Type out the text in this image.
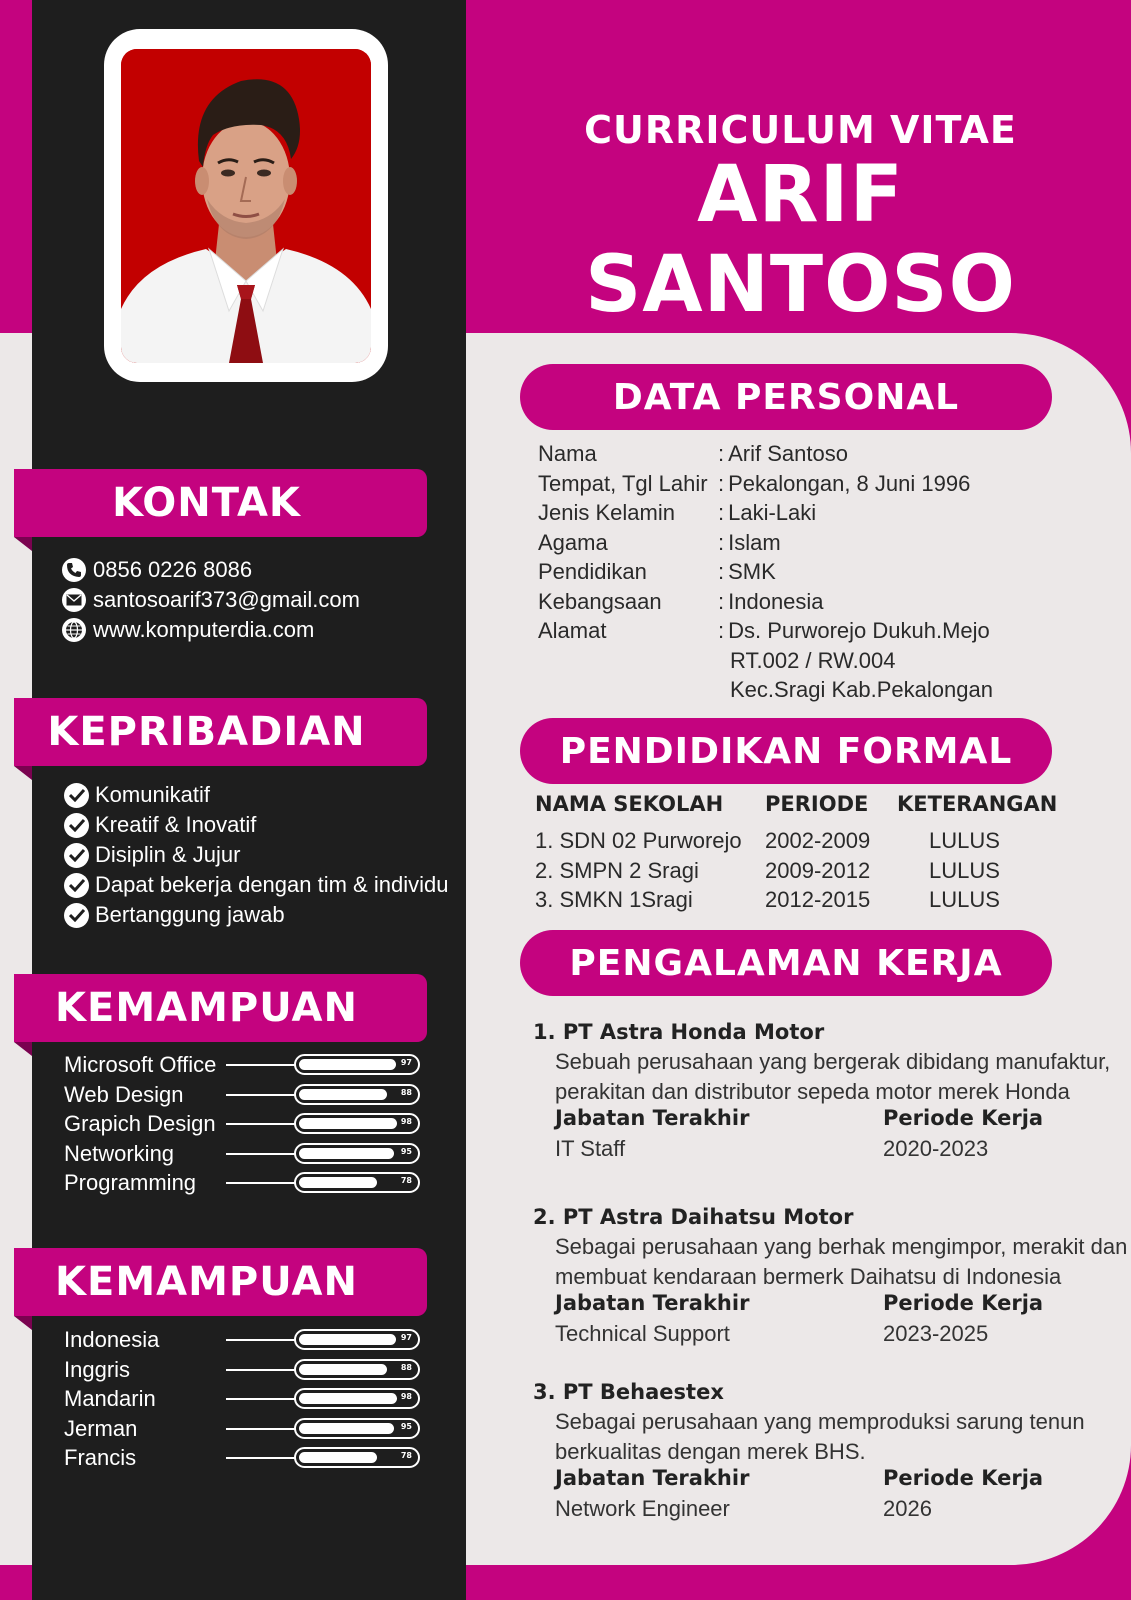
CURRICULUM VITAE
ARIF SANTOSO
KONTAK
0856 0226 8086
santosoarif373@gmail.com
www.komputerdia.com
KEPRIBADIAN
Komunikatif
Kreatif & Inovatif
Disiplin & Jujur
Dapat bekerja dengan tim & individu
Bertanggung jawab
KEMAMPUAN
Microsoft Office	97
Web Design	88
Grapich Design	98
Networking	95
Programming	78
KEMAMPUAN
Indonesia	97
Inggris	88
Mandarin	98
Jerman	95
Francis	78
DATA PERSONAL
Nama	: Arif Santoso
Tempat, Tgl Lahir : Pekalongan, 8 Juni 1996
Jenis Kelamin	: Laki-Laki
Agama	: Islam
Pendidikan	: SMK
Kebangsaan	: Indonesia
Alamat	: Ds. Purworejo Dukuh.Mejo
RT.002 / RW.004
Kec.Sragi Kab.Pekalongan
PENDIDIKAN FORMAL
NAMA SEKOLAH PERIODE KETERANGAN
1. SDN 02 Purworejo 2002-2009	LULUS
2. SMPN 2 Sragi	2009-2012	LULUS
3. SMKN 1Sragi	2012-2015	LULUS
PENGALAMAN KERJA
1. PT Astra Honda Motor
Sebuah perusahaan yang bergerak dibidang manufaktur,
perakitan dan distributor sepeda motor merek Honda
Jabatan Terakhir	Periode Kerja
IT Staff	2020-2023
2. PT Astra Daihatsu Motor
Sebagai perusahaan yang berhak mengimpor, merakit dan
membuat kendaraan bermerk Daihatsu di Indonesia
Jabatan Terakhir	Periode Kerja
Technical Support	2023-2025
3. PT Behaestex
Sebagai perusahaan yang memproduksi sarung tenun
berkualitas dengan merek BHS.
Jabatan Terakhir	Periode Kerja
Network Engineer	2026
